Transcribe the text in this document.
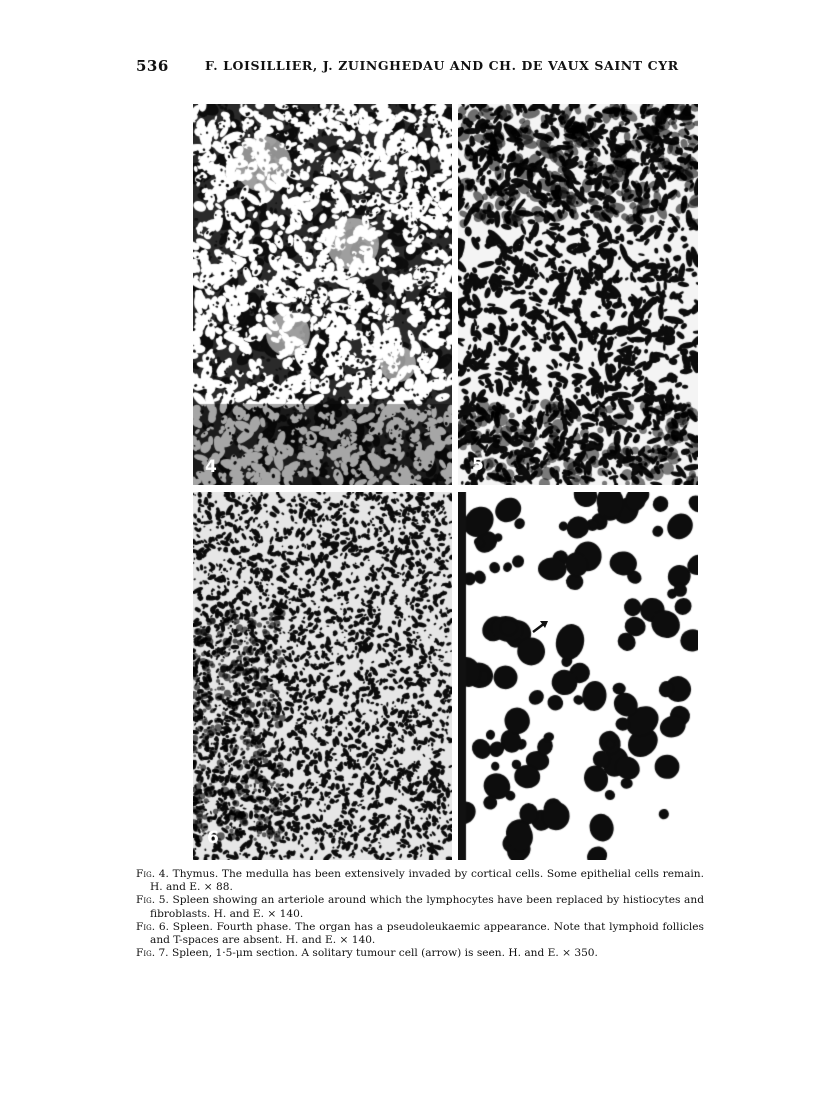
536	F. LOISILLIER, J. ZUINGHEDAU AND CH. DE VAUX SAINT CYR
4	5
6	7

Fig. 4. Thymus. The medulla has been extensively invaded by cortical cells. Some epithelial cells remain. H. and E. × 88.

Fig. 5. Spleen showing an arteriole around which the lymphocytes have been replaced by histiocytes and fibroblasts. H. and E. × 140.

Fig. 6. Spleen. Fourth phase. The organ has a pseudoleukaemic appearance. Note that lymphoid follicles and T-spaces are absent. H. and E. × 140.

Fig. 7. Spleen, 1·5-μm section. A solitary tumour cell (arrow) is seen. H. and E. × 350.
